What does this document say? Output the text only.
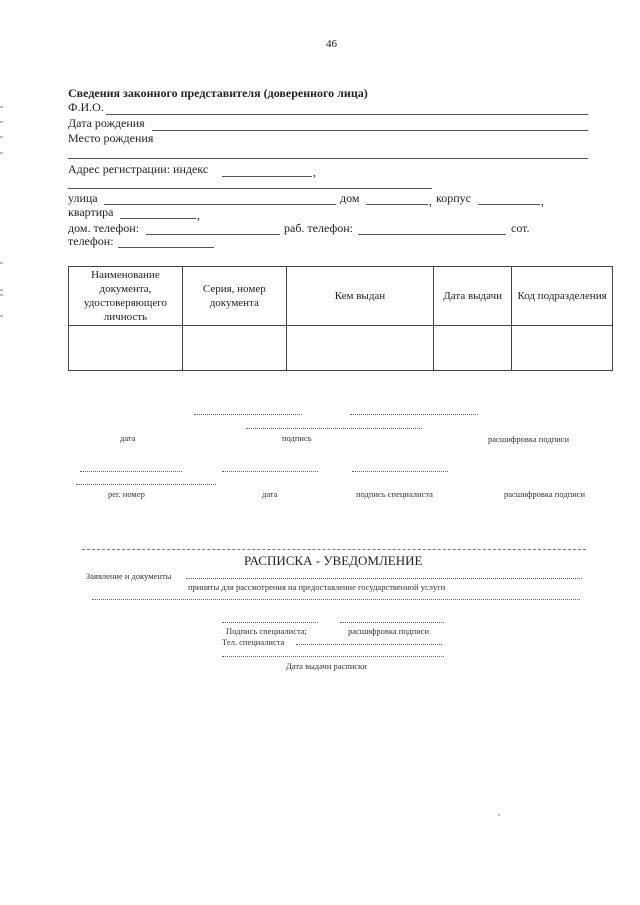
46
Сведения законного представителя (доверенного лица)
Ф.И.О.
Дата рождения
Место рождения
Адрес регистрации: индекс	,
улица	дом	, корпус	,
квартира	,
дом. телефон:	раб. телефон:	сот.
телефон:
Наименование документа, удостоверяющего личность	Серия, номер документа	Кем выдан	Дата выдачи	Код подразделения

дата	подпись	расшифровка подписи
рег. номер	дата	подпись специалиста	расшифровка подписи
РАСПИСКА - УВЕДОМЛЕНИЕ
Заявление и документы
приняты для рассмотрения на предоставление государственной услуги
Подпись специалиста;	расшифровка подписи
Тел. специалиста
Дата выдачи расписки
